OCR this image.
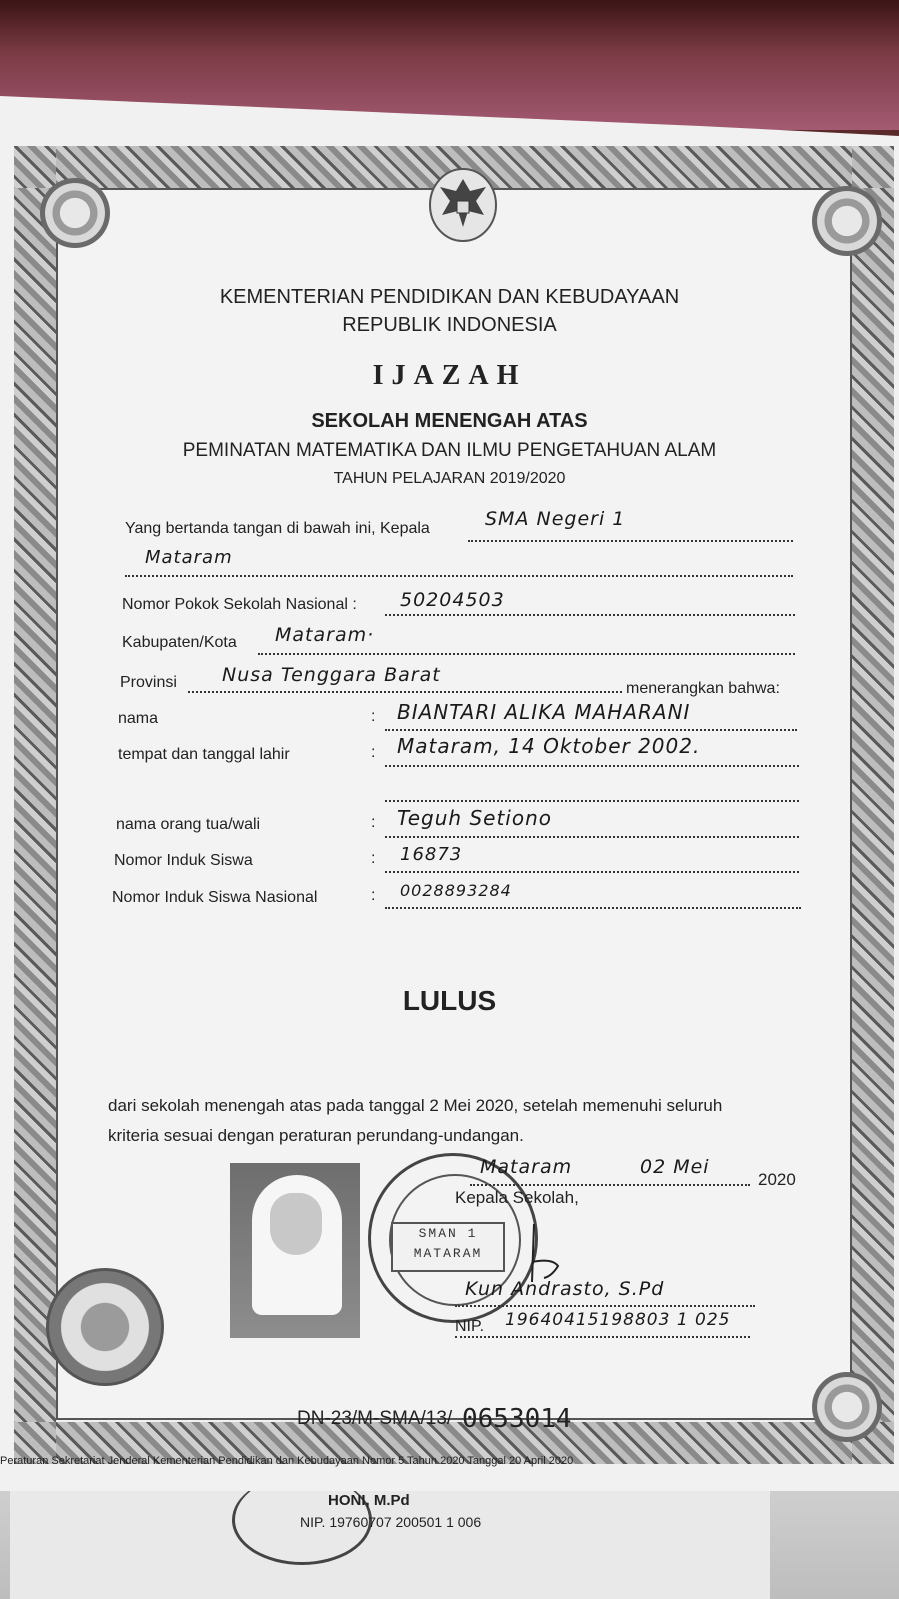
HONI, M.Pd
NIP. 19760707 200501 1 006
KEMENTERIAN PENDIDIKAN DAN KEBUDAYAAN
REPUBLIK INDONESIA
IJAZAH
SEKOLAH MENENGAH ATAS
PEMINATAN MATEMATIKA DAN ILMU PENGETAHUAN ALAM
TAHUN PELAJARAN 2019/2020
Yang bertanda tangan di bawah ini, Kepala	SMA Negeri 1
Mataram
Nomor Pokok Sekolah Nasional : 50204503
Kabupaten/Kota Mataram·
Provinsi Nusa Tenggara Barat
menerangkan bahwa:
nama	: BIANTARI ALIKA MAHARANI
tempat dan tanggal lahir	: Mataram, 14 Oktober 2002.
nama orang tua/wali	: Teguh Setiono
Nomor Induk Siswa	: 16873
Nomor Induk Siswa Nasional	: 0028893284
LULUS
dari sekolah menengah atas pada tanggal 2 Mei 2020, setelah memenuhi seluruh
kriteria sesuai dengan peraturan perundang-undangan.
SMAN 1
MATARAM
Mataram	02 Mei
2020
Kepala Sekolah,
Kun Andrasto, S.Pd
NIP. 19640415198803 1 025
DN-23/M-SMA/13/ 0653014
Peraturan Sekretariat Jenderal Kementerian Pendidikan dan Kebudayaan Nomor 5 Tahun 2020 Tanggal 20 April 2020
